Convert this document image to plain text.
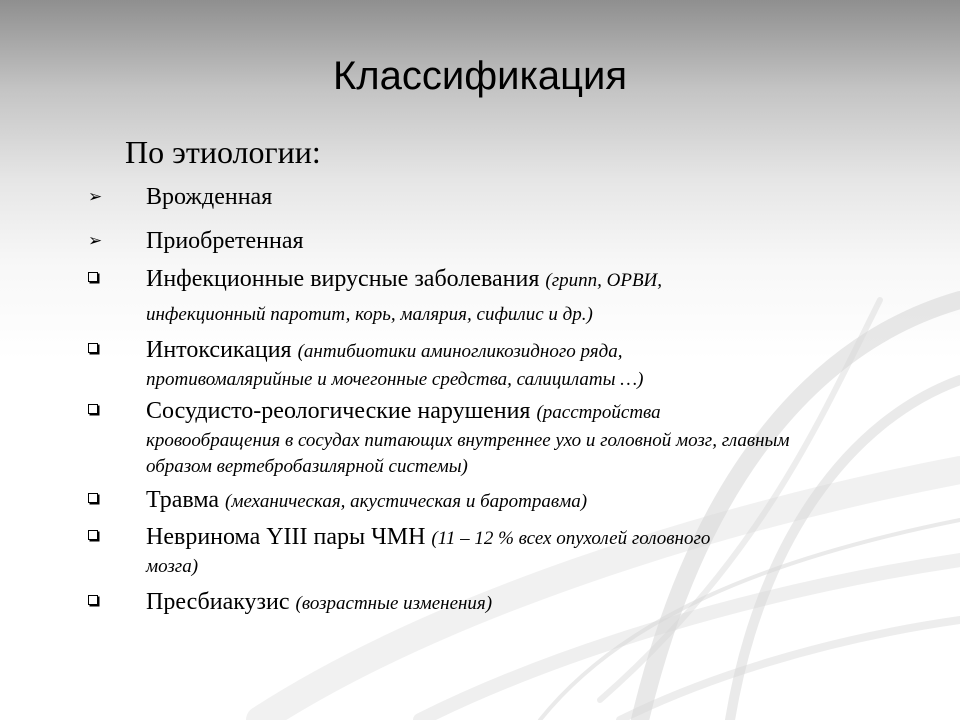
Классификация
По этиологии:
➢ Врожденная
➢ Приобретенная
Инфекционные вирусные заболевания (грипп, ОРВИ,
инфекционный паротит, корь, малярия, сифилис и др.)
Интоксикация (антибиотики аминогликозидного ряда,
противомалярийные и мочегонные средства, салицилаты …)
Сосудисто-реологические нарушения (расстройства
кровообращения в сосудах питающих внутреннее ухо и головной мозг, главным образом вертебробазилярной системы)
Травма (механическая, акустическая и баротравма)
Невринома YIII пары ЧМН (11 – 12 % всех опухолей головного
мозга)
Пресбиакузис (возрастные изменения)
